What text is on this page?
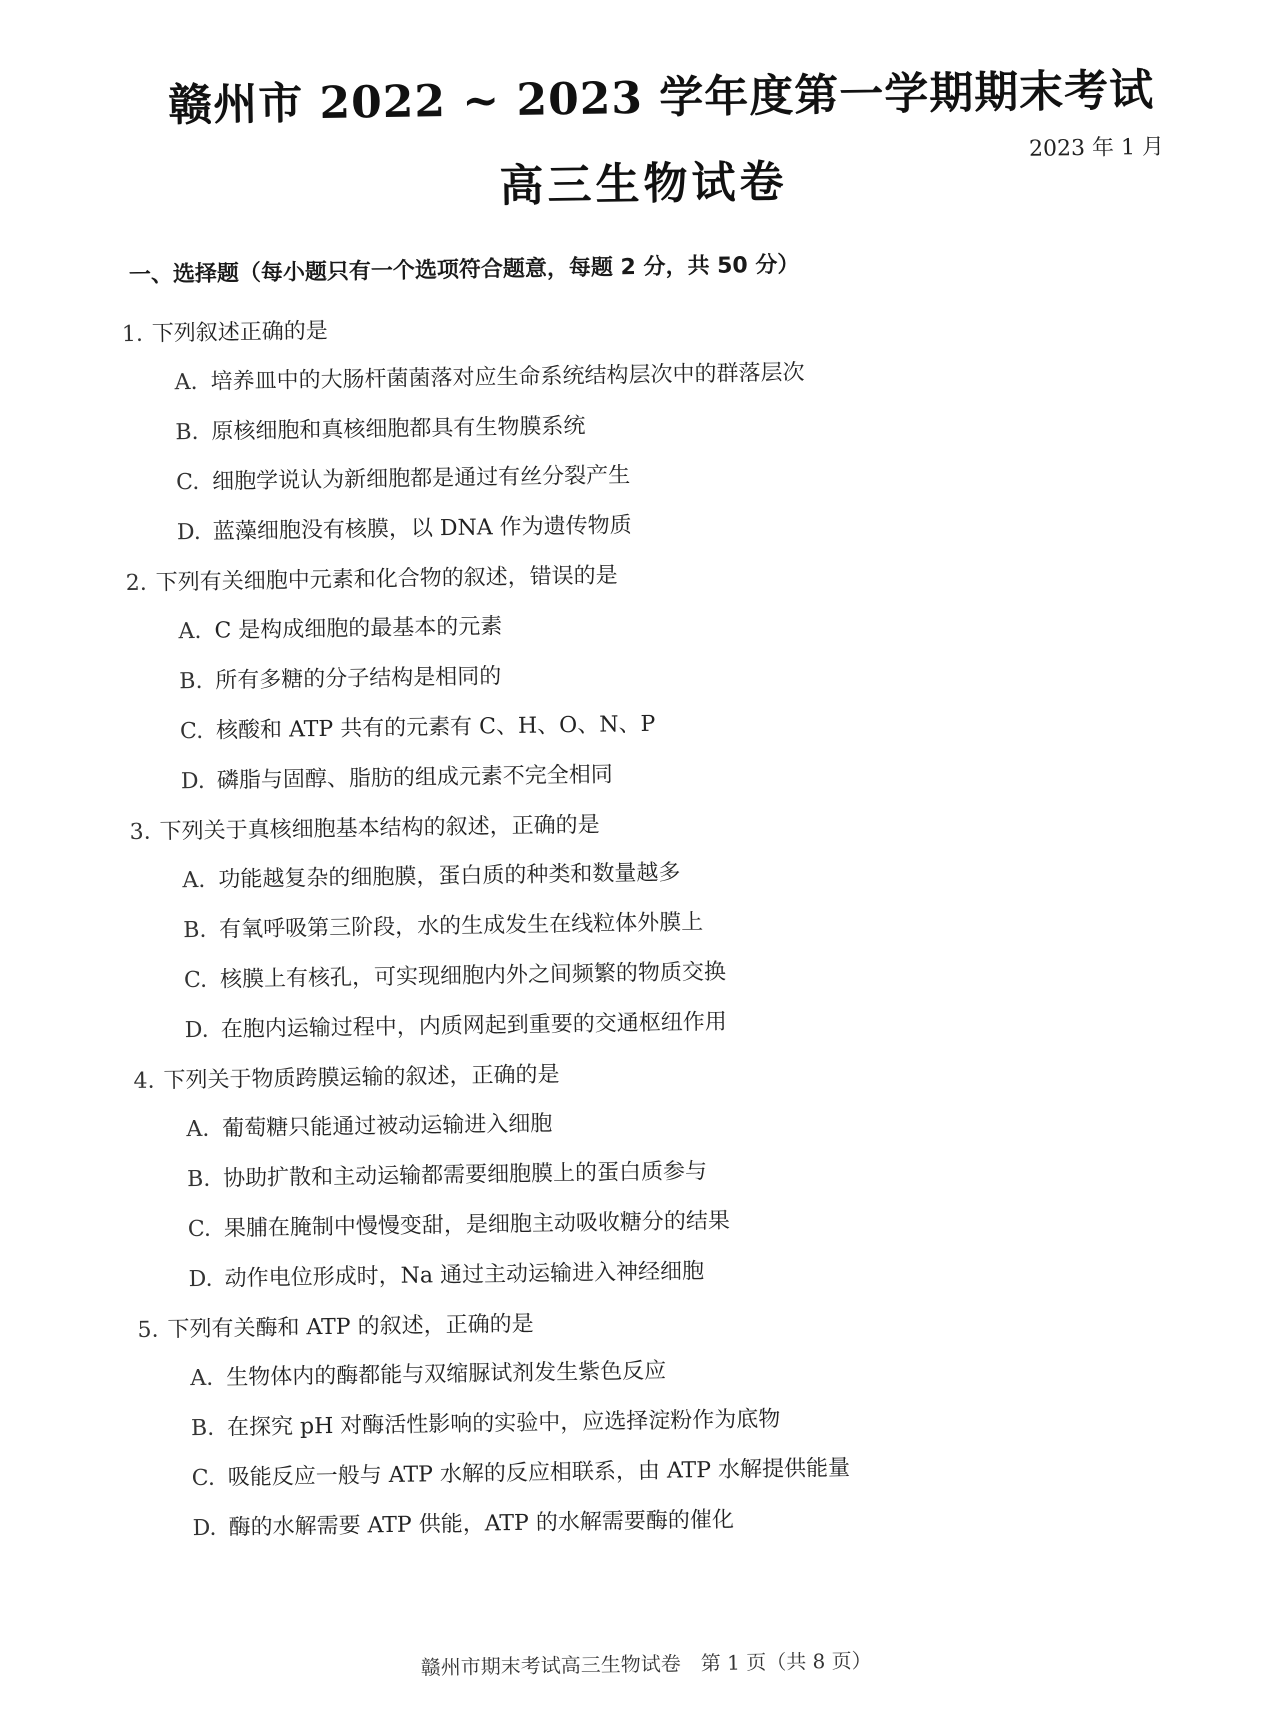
赣州市 2022 ~ 2023 学年度第一学期期末考试
高三生物试卷
2023 年 1 月
一、选择题（每小题只有一个选项符合题意，每题 2 分，共 50 分）
1. 下列叙述正确的是
A. 培养皿中的大肠杆菌菌落对应生命系统结构层次中的群落层次
B. 原核细胞和真核细胞都具有生物膜系统
C. 细胞学说认为新细胞都是通过有丝分裂产生
D. 蓝藻细胞没有核膜，以 DNA 作为遗传物质
2. 下列有关细胞中元素和化合物的叙述，错误的是
A. C 是构成细胞的最基本的元素
B. 所有多糖的分子结构是相同的
C. 核酸和 ATP 共有的元素有 C、H、O、N、P
D. 磷脂与固醇、脂肪的组成元素不完全相同
3. 下列关于真核细胞基本结构的叙述，正确的是
A. 功能越复杂的细胞膜，蛋白质的种类和数量越多
B. 有氧呼吸第三阶段，水的生成发生在线粒体外膜上
C. 核膜上有核孔，可实现细胞内外之间频繁的物质交换
D. 在胞内运输过程中，内质网起到重要的交通枢纽作用
4. 下列关于物质跨膜运输的叙述，正确的是
A. 葡萄糖只能通过被动运输进入细胞
B. 协助扩散和主动运输都需要细胞膜上的蛋白质参与
C. 果脯在腌制中慢慢变甜，是细胞主动吸收糖分的结果
D. 动作电位形成时，Na 通过主动运输进入神经细胞
5. 下列有关酶和 ATP 的叙述，正确的是
A. 生物体内的酶都能与双缩脲试剂发生紫色反应
B. 在探究 pH 对酶活性影响的实验中，应选择淀粉作为底物
C. 吸能反应一般与 ATP 水解的反应相联系，由 ATP 水解提供能量
D. 酶的水解需要 ATP 供能，ATP 的水解需要酶的催化
赣州市期末考试高三生物试卷　第 1 页（共 8 页）
